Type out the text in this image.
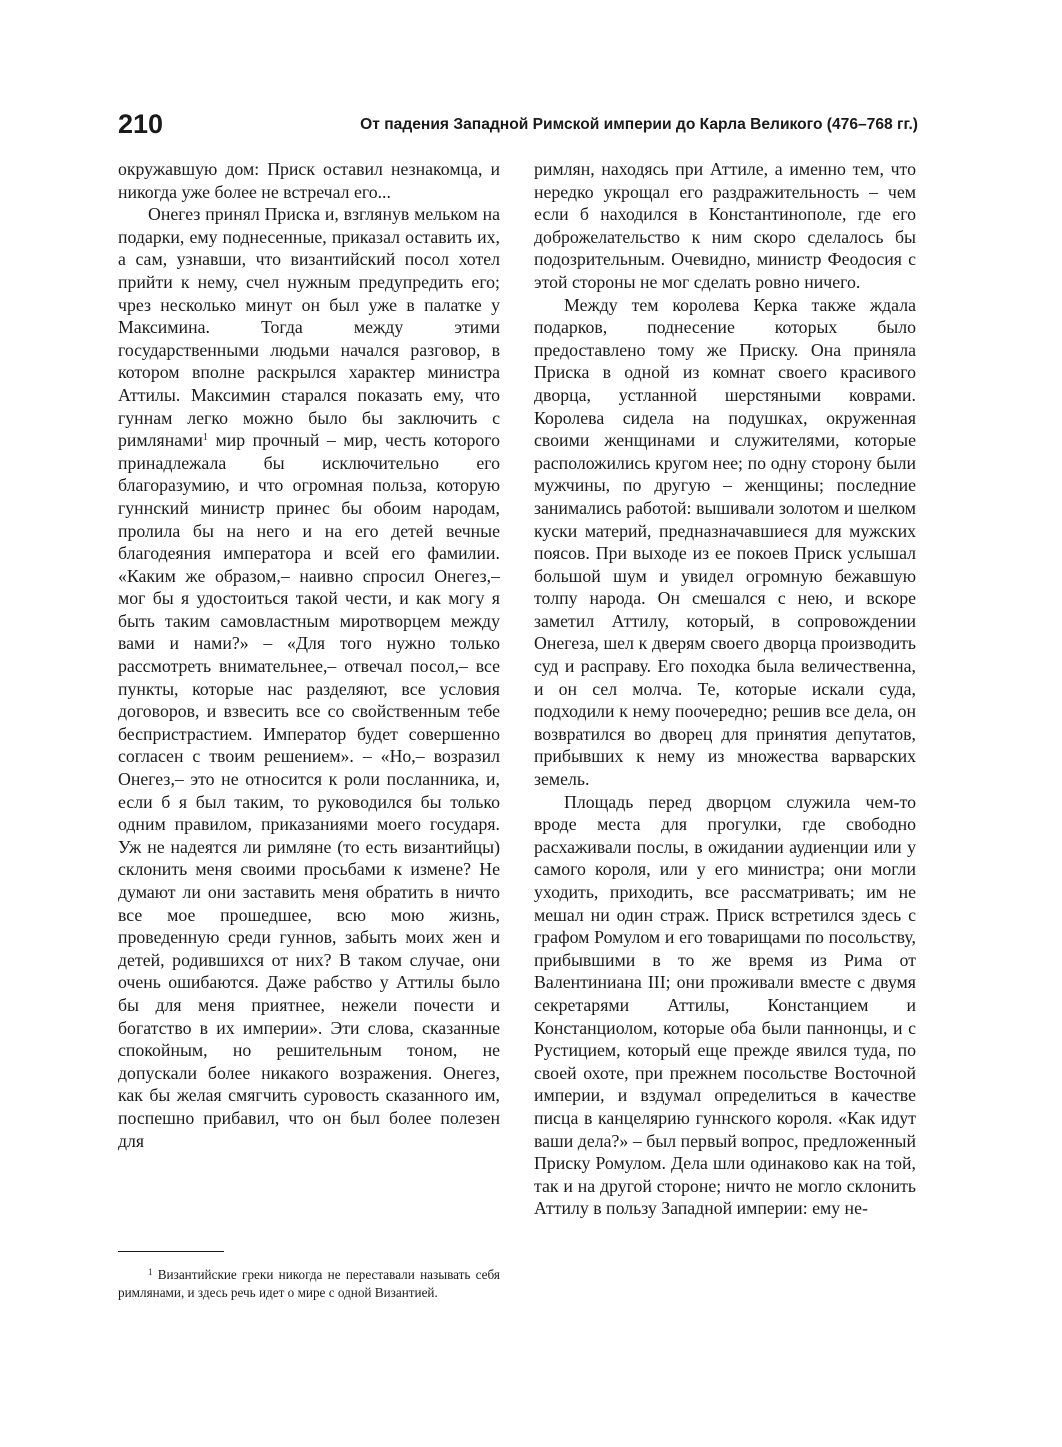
210	От падения Западной Римской империи до Карла Великого (476–768 гг.)

окружавшую дом: Приск оставил незнакомца, и никогда уже более не встречал его...

Онегез принял Приска и, взглянув мельком на подарки, ему поднесенные, приказал оставить их, а сам, узнавши, что византийский посол хотел прийти к нему, счел нужным предупредить его; чрез несколько минут он был уже в палатке у Максимина. Тогда между этими государственными людьми начался разговор, в котором вполне раскрылся характер министра Аттилы. Максимин старался показать ему, что гуннам легко можно было бы заключить с римлянами$^1$ мир прочный – мир, честь которого принадлежала бы исключительно его благоразумию, и что огромная польза, которую гуннский министр принес бы обоим народам, пролила бы на него и на его детей вечные благодеяния императора и всей его фамилии. «Каким же образом,– наивно спросил Онегез,– мог бы я удостоиться такой чести, и как могу я быть таким самовластным миротворцем между вами и нами?» – «Для того нужно только рассмотреть внимательнее,– отвечал посол,– все пункты, которые нас разделяют, все условия договоров, и взвесить все со свойственным тебе беспристрастием. Император будет совершенно согласен с твоим решением». – «Но,– возразил Онегез,– это не относится к роли посланника, и, если б я был таким, то руководился бы только одним правилом, приказаниями моего государя. Уж не надеятся ли римляне (то есть византийцы) склонить меня своими просьбами к измене? Не думают ли они заставить меня обратить в ничто все мое прошедшее, всю мою жизнь, проведенную среди гуннов, забыть моих жен и детей, родившихся от них? В таком случае, они очень ошибаются. Даже рабство у Аттилы было бы для меня приятнее, нежели почести и богатство в их империи». Эти слова, сказанные спокойным, но решительным тоном, не допускали более никакого возражения. Онегез, как бы желая смягчить суровость сказанного им, поспешно прибавил, что он был более полезен для

римлян, находясь при Аттиле, а именно тем, что нередко укрощал его раздражительность – чем если б находился в Константинополе, где его доброжелательство к ним скоро сделалось бы подозрительным. Очевидно, министр Феодосия с этой стороны не мог сделать ровно ничего.

Между тем королева Керка также ждала подарков, поднесение которых было предоставлено тому же Приску. Она приняла Приска в одной из комнат своего красивого дворца, устланной шерстяными коврами. Королева сидела на подушках, окруженная своими женщинами и служителями, которые расположились кругом нее; по одну сторону были мужчины, по другую – женщины; последние занимались работой: вышивали золотом и шелком куски материй, предназначавшиеся для мужских поясов. При выходе из ее покоев Приск услышал большой шум и увидел огромную бежавшую толпу народа. Он смешался с нею, и вскоре заметил Аттилу, который, в сопровождении Онегеза, шел к дверям своего дворца производить суд и расправу. Его походка была величественна, и он сел молча. Те, которые искали суда, подходили к нему поочередно; решив все дела, он возвратился во дворец для принятия депутатов, прибывших к нему из множества варварских земель.

Площадь перед дворцом служила чем-то вроде места для прогулки, где свободно расхаживали послы, в ожидании аудиенции или у самого короля, или у его министра; они могли уходить, приходить, все рассматривать; им не мешал ни один страж. Приск встретился здесь с графом Ромулом и его товарищами по посольству, прибывшими в то же время из Рима от Валентиниана III; они проживали вместе с двумя секретарями Аттилы, Констанцием и Констанциолом, которые оба были паннонцы, и с Рустицием, который еще прежде явился туда, по своей охоте, при прежнем посольстве Восточной империи, и вздумал определиться в качестве писца в канцелярию гуннского короля. «Как идут ваши дела?» – был первый вопрос, предложенный Приску Ромулом. Дела шли одинаково как на той, так и на другой стороне; ничто не могло склонить Аттилу в пользу Западной империи: ему не-

$^1$ Византийские греки никогда не переставали называть себя римлянами, и здесь речь идет о мире с одной Византией.
